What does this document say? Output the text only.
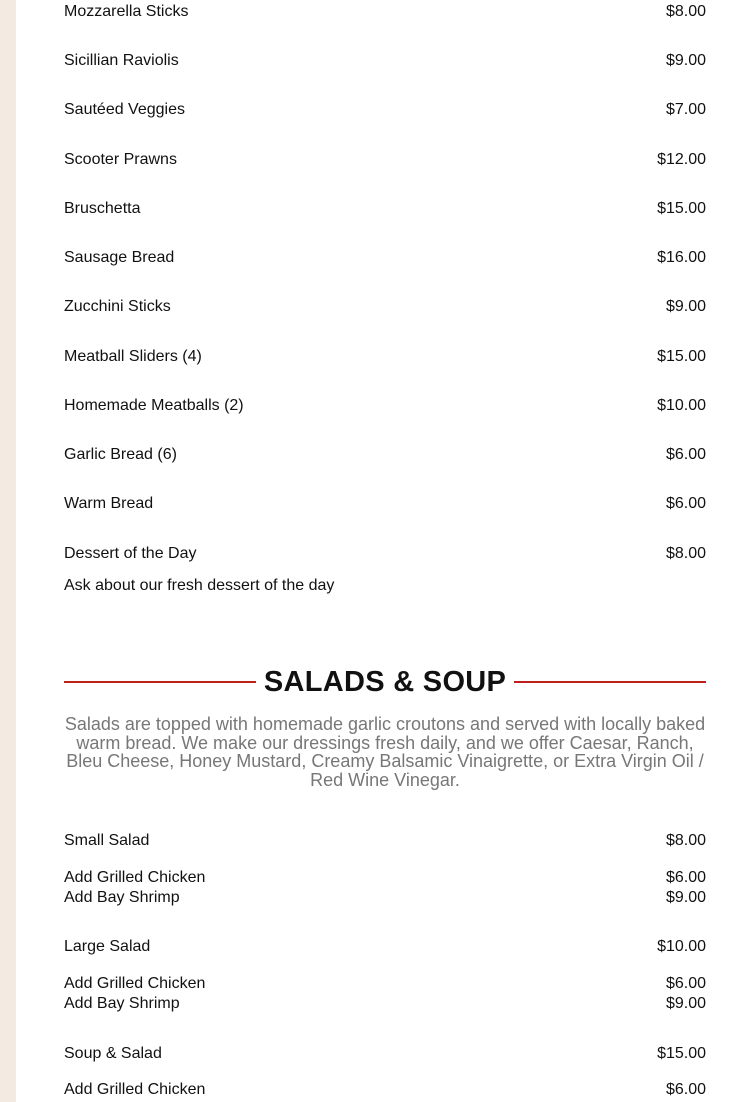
Mozzarella Sticks	$8.00
Sicillian Raviolis	$9.00
Sautéed Veggies	$7.00
Scooter Prawns	$12.00
Bruschetta	$15.00
Sausage Bread	$16.00
Zucchini Sticks	$9.00
Meatball Sliders (4)	$15.00
Homemade Meatballs (2)	$10.00
Garlic Bread (6)	$6.00
Warm Bread	$6.00
Dessert of the Day	$8.00
Ask about our fresh dessert of the day
SALADS & SOUP
Salads are topped with homemade garlic croutons and served with locally baked warm bread. We make our dressings fresh daily, and we offer Caesar, Ranch, Bleu Cheese, Honey Mustard, Creamy Balsamic Vinaigrette, or Extra Virgin Oil / Red Wine Vinegar.
Small Salad	$8.00
Add Grilled Chicken	$6.00
Add Bay Shrimp	$9.00
Large Salad	$10.00
Add Grilled Chicken	$6.00
Add Bay Shrimp	$9.00
Soup & Salad	$15.00
Add Grilled Chicken	$6.00
